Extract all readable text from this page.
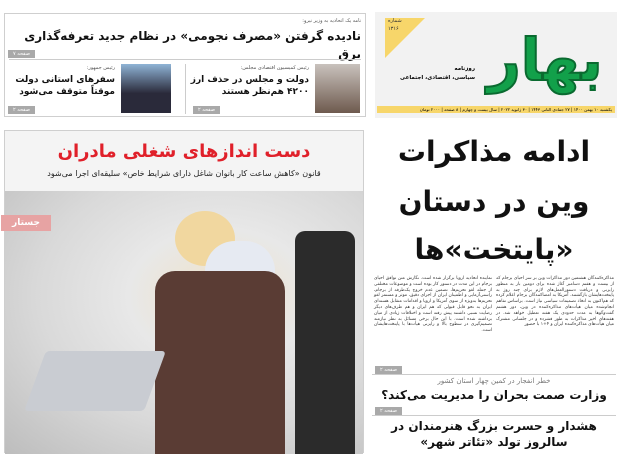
نامه یک اتحادیه به وزیر نیرو:
نادیده گرفتن «مصرف نجومی» در نظام جدید تعرفه‌گذاری برق
صفحه ۷
رئیس کمیسیون اقتصادی مجلس:
دولت و مجلس در حذف ارز ۴۲۰۰ هم‌نظر هستند
صفحه ۲
رئیس جمهور:
سفرهای استانی دولت موقتاً متوقف می‌شود
صفحه ۲
شماره
۱۳۱۶ بهار
روزنامه
سیاسی، اقتصادی، اجتماعی
یکشنبه ۱۰ بهمن ۱۴۰۰ | ۲۷ جمادی الثانی ۱۴۴۳ | ۳۰ ژانویه ۲۰۲۲ | سال بیست و چهارم | ۸ صفحه | ۲۰۰۰ تومان
دست اندازهای شغلی مادران
قانون «کاهش ساعت کار بانوان شاغل دارای شرایط خاص» سلیقه‌ای اجرا می‌شود
جستار
ادامه مذاکرات
وین در دستان
«پایتخت»ها
مذاکره‌کنندگان هشتمین دور مذاکرات وین بر سر احیای برجام که از بیست و هفتم دسامبر آغاز شده برای دومین بار به منظور رایزنی و دریافت دستورالعمل‌های لازم برای چند روز به پایتخت‌هایشان بازگشتند. آمریکا به امضاکنندگان برجام اعلام کرده که هم‌اکنون به اتخاذ تصمیمات سیاسی نیاز است. براساس تفاهم انجام‌شده میان هیأت‌های مذاکره‌کننده در وین، دور هشتم گفت‌وگوها به مدت حدودی یک هفته تعطیل خواهد شد. در هفته‌های اخیر مذاکرات به طور فشرده و در جلساتی مشترک میان هیأت‌های مذاکره‌کننده ایران و ۴+۱ با حضور
نماینده اتحادیه اروپا برگزار شده است. نگارش متن توافق احیای برجام در این مدت در دستور کار بوده است و موضوعات مختلفی از جمله لغو تحریم‌ها، تضمین عدم خروج یک‌طرفه از برجام، راستی‌آزمایی و اطمینان ایران از اجرای دقیق، موثر و مستمر لغو تحریم‌ها به‌ویژه از سوی آمریکا و اروپا و اقدامات متقابل هسته‌ای ایران به نحو قابل قبولی که هم ایران و هم طرف‌های دیگر رضایت نسبی داشتند پیش رفته است و اختلافات زیادی از میان برداشته شده است. با این حال برخی مسائل به نظر نیازمند تصمیم‌گیری در سطوح بالا و رایزنی هیأت‌ها با پایتخت‌هایشان است.
صفحه ۲
خطر انفجار در کمین چهار استان کشور
وزارت صمت بحران را مدیریت می‌کند؟
صفحه ۲
هشدار و حسرت بزرگ هنرمندان در سالروز تولد «تئاتر شهر»
